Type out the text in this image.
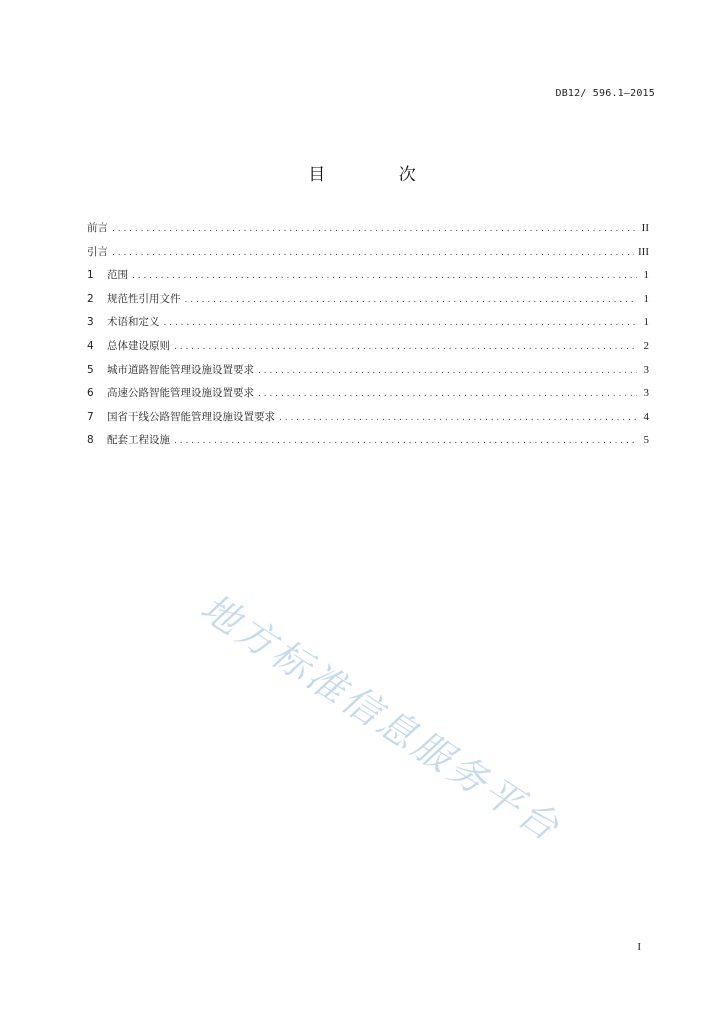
DB12/ 596.1—2015
目 次
前言 . . .	II
引言 . . .	III
1	范围 . . .	1
2	规范性引用文件 . . .	1
3	术语和定义 . . .	1
4	总体建设原则 . . .	2
5	城市道路智能管理设施设置要求 . . .	3
6	高速公路智能管理设施设置要求 . . .	3
7	国省干线公路智能管理设施设置要求 . . .	4
8	配套工程设施 . . .	5
地方标准信息服务平台
I
